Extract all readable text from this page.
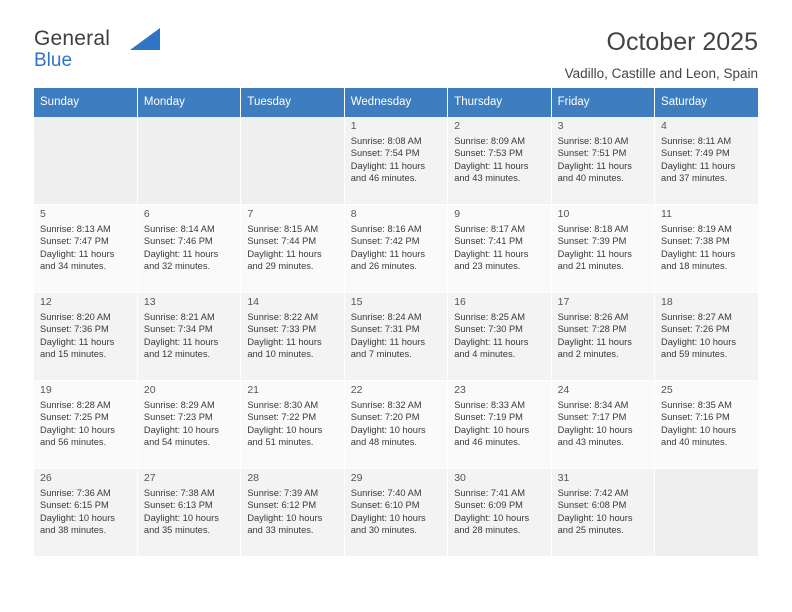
General
Blue
October 2025
Vadillo, Castille and Leon, Spain
Sunday	Monday	Tuesday	Wednesday	Thursday	Friday	Saturday

			1
Sunrise: 8:08 AM
Sunset: 7:54 PM
Daylight: 11 hours
and 46 minutes.	2
Sunrise: 8:09 AM
Sunset: 7:53 PM
Daylight: 11 hours
and 43 minutes.	3
Sunrise: 8:10 AM
Sunset: 7:51 PM
Daylight: 11 hours
and 40 minutes.	4
Sunrise: 8:11 AM
Sunset: 7:49 PM
Daylight: 11 hours
and 37 minutes.

5
Sunrise: 8:13 AM
Sunset: 7:47 PM
Daylight: 11 hours
and 34 minutes.	6
Sunrise: 8:14 AM
Sunset: 7:46 PM
Daylight: 11 hours
and 32 minutes.	7
Sunrise: 8:15 AM
Sunset: 7:44 PM
Daylight: 11 hours
and 29 minutes.	8
Sunrise: 8:16 AM
Sunset: 7:42 PM
Daylight: 11 hours
and 26 minutes.	9
Sunrise: 8:17 AM
Sunset: 7:41 PM
Daylight: 11 hours
and 23 minutes.	10
Sunrise: 8:18 AM
Sunset: 7:39 PM
Daylight: 11 hours
and 21 minutes.	11
Sunrise: 8:19 AM
Sunset: 7:38 PM
Daylight: 11 hours
and 18 minutes.

12
Sunrise: 8:20 AM
Sunset: 7:36 PM
Daylight: 11 hours
and 15 minutes.	13
Sunrise: 8:21 AM
Sunset: 7:34 PM
Daylight: 11 hours
and 12 minutes.	14
Sunrise: 8:22 AM
Sunset: 7:33 PM
Daylight: 11 hours
and 10 minutes.	15
Sunrise: 8:24 AM
Sunset: 7:31 PM
Daylight: 11 hours
and 7 minutes.	16
Sunrise: 8:25 AM
Sunset: 7:30 PM
Daylight: 11 hours
and 4 minutes.	17
Sunrise: 8:26 AM
Sunset: 7:28 PM
Daylight: 11 hours
and 2 minutes.	18
Sunrise: 8:27 AM
Sunset: 7:26 PM
Daylight: 10 hours
and 59 minutes.

19
Sunrise: 8:28 AM
Sunset: 7:25 PM
Daylight: 10 hours
and 56 minutes.	20
Sunrise: 8:29 AM
Sunset: 7:23 PM
Daylight: 10 hours
and 54 minutes.	21
Sunrise: 8:30 AM
Sunset: 7:22 PM
Daylight: 10 hours
and 51 minutes.	22
Sunrise: 8:32 AM
Sunset: 7:20 PM
Daylight: 10 hours
and 48 minutes.	23
Sunrise: 8:33 AM
Sunset: 7:19 PM
Daylight: 10 hours
and 46 minutes.	24
Sunrise: 8:34 AM
Sunset: 7:17 PM
Daylight: 10 hours
and 43 minutes.	25
Sunrise: 8:35 AM
Sunset: 7:16 PM
Daylight: 10 hours
and 40 minutes.

26
Sunrise: 7:36 AM
Sunset: 6:15 PM
Daylight: 10 hours
and 38 minutes.	27
Sunrise: 7:38 AM
Sunset: 6:13 PM
Daylight: 10 hours
and 35 minutes.	28
Sunrise: 7:39 AM
Sunset: 6:12 PM
Daylight: 10 hours
and 33 minutes.	29
Sunrise: 7:40 AM
Sunset: 6:10 PM
Daylight: 10 hours
and 30 minutes.	30
Sunrise: 7:41 AM
Sunset: 6:09 PM
Daylight: 10 hours
and 28 minutes.	31
Sunrise: 7:42 AM
Sunset: 6:08 PM
Daylight: 10 hours
and 25 minutes.	
